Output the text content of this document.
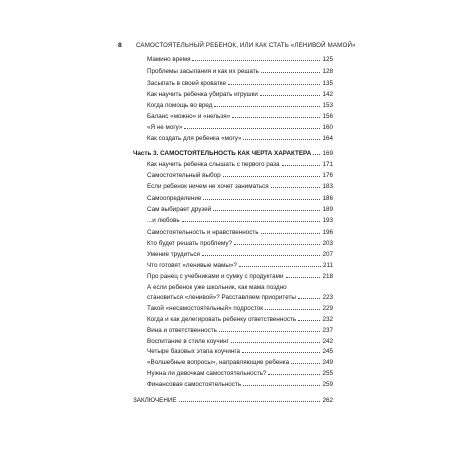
8 САМОСТОЯТЕЛЬНЫЙ РЕБЕНОК, ИЛИ КАК СТАТЬ «ЛЕНИВОЙ МАМОЙ»
Мамино время	125
Проблемы засыпания и как их решать	128
Засыпать в своей кроватке	135
Как научить ребенка убирать игрушки	142
Когда помощь во вред	153
Баланс «можно» и «нельзя»	156
«Я не могу»	160
Как создать для ребенка «могу»	164
Часть 3. САМОСТОЯТЕЛЬНОСТЬ КАК ЧЕРТА ХАРАКТЕРА 169
Как научить ребенка слышать с первого раза	171
Самостоятельный выбор	176
Если ребенок ничем не хочет заниматься	183
Самоопределение	186
Сам выбирает друзей	189
...и любовь	193
Самостоятельность и нравственность	196
Кто будет решать проблему?	203
Умение трудиться	207
Что готовят «ленивые мамы»?	211
Про ранец с учебниками и сумку с продуктами	218
А если ребенок уже школьник, как мама поздно
становиться «ленивой»? Расставляем приоритеты	223
Такой «несамостоятельный» подросток	229
Когда и как делегировать ребенку ответственность	232
Вина и ответственность	237
Воспитание в стиле коучинг	242
Четыре базовых этапа коучинга	245
«Волшебные вопросы», направляющие ребенка	249
Нужна ли девочкам самостоятельность?	255
Финансовая самостоятельность	259
ЗАКЛЮЧЕНИЕ	262
